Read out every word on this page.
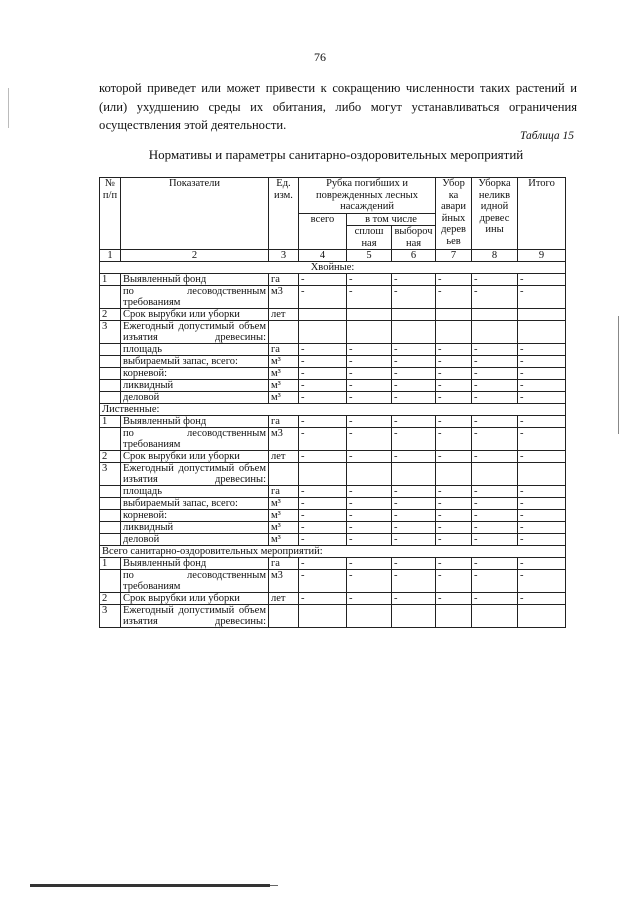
76
которой приведет или может привести к сокращению численности таких растений и (или) ухудшению среды их обитания, либо могут устанавливаться ограничения осуществления этой деятельности.
Таблица 15
Нормативы и параметры санитарно-оздоровительных мероприятий
№ п/п	Показатели	Ед. изм.	Рубка погибших и поврежденных лесных насаждений			Убор ка авари йных дерев ьев	Уборка неликв идной древес ины	Итого
			всего	в том числе				
				сплош ная	выбороч ная			
1	2	3	4	5	6	7	8	9
Хвойные:								
1	Выявленный фонд	га	-	-	-	-	-	-
	по лесоводственным требованиям	м3	-	-	-	-	-	-
2	Срок вырубки или уборки	лет						
3	Ежегодный допустимый объем изъятия древесины:							
	площадь	га	-	-	-	-	-	-
	выбираемый запас, всего:	м³	-	-	-	-	-	-
	корневой:	м³	-	-	-	-	-	-
	ликвидный	м³	-	-	-	-	-	-
	деловой	м³	-	-	-	-	-	-
Лиственные:								
1	Выявленный фонд	га	-	-	-	-	-	-
	по лесоводственным требованиям	м3	-	-	-	-	-	-
2	Срок вырубки или уборки	лет	-	-	-	-	-	-
3	Ежегодный допустимый объем изъятия древесины:							
	площадь	га	-	-	-	-	-	-
	выбираемый запас, всего:	м³	-	-	-	-	-	-
	корневой:	м³	-	-	-	-	-	-
	ликвидный	м³	-	-	-	-	-	-
	деловой	м³	-	-	-	-	-	-
Всего санитарно-оздоровительных мероприятий:								
1	Выявленный фонд	га	-	-	-	-	-	-
	по лесоводственным требованиям	м3	-	-	-	-	-	-
2	Срок вырубки или уборки	лет	-	-	-	-	-	-
3	Ежегодный допустимый объем изъятия древесины:							
